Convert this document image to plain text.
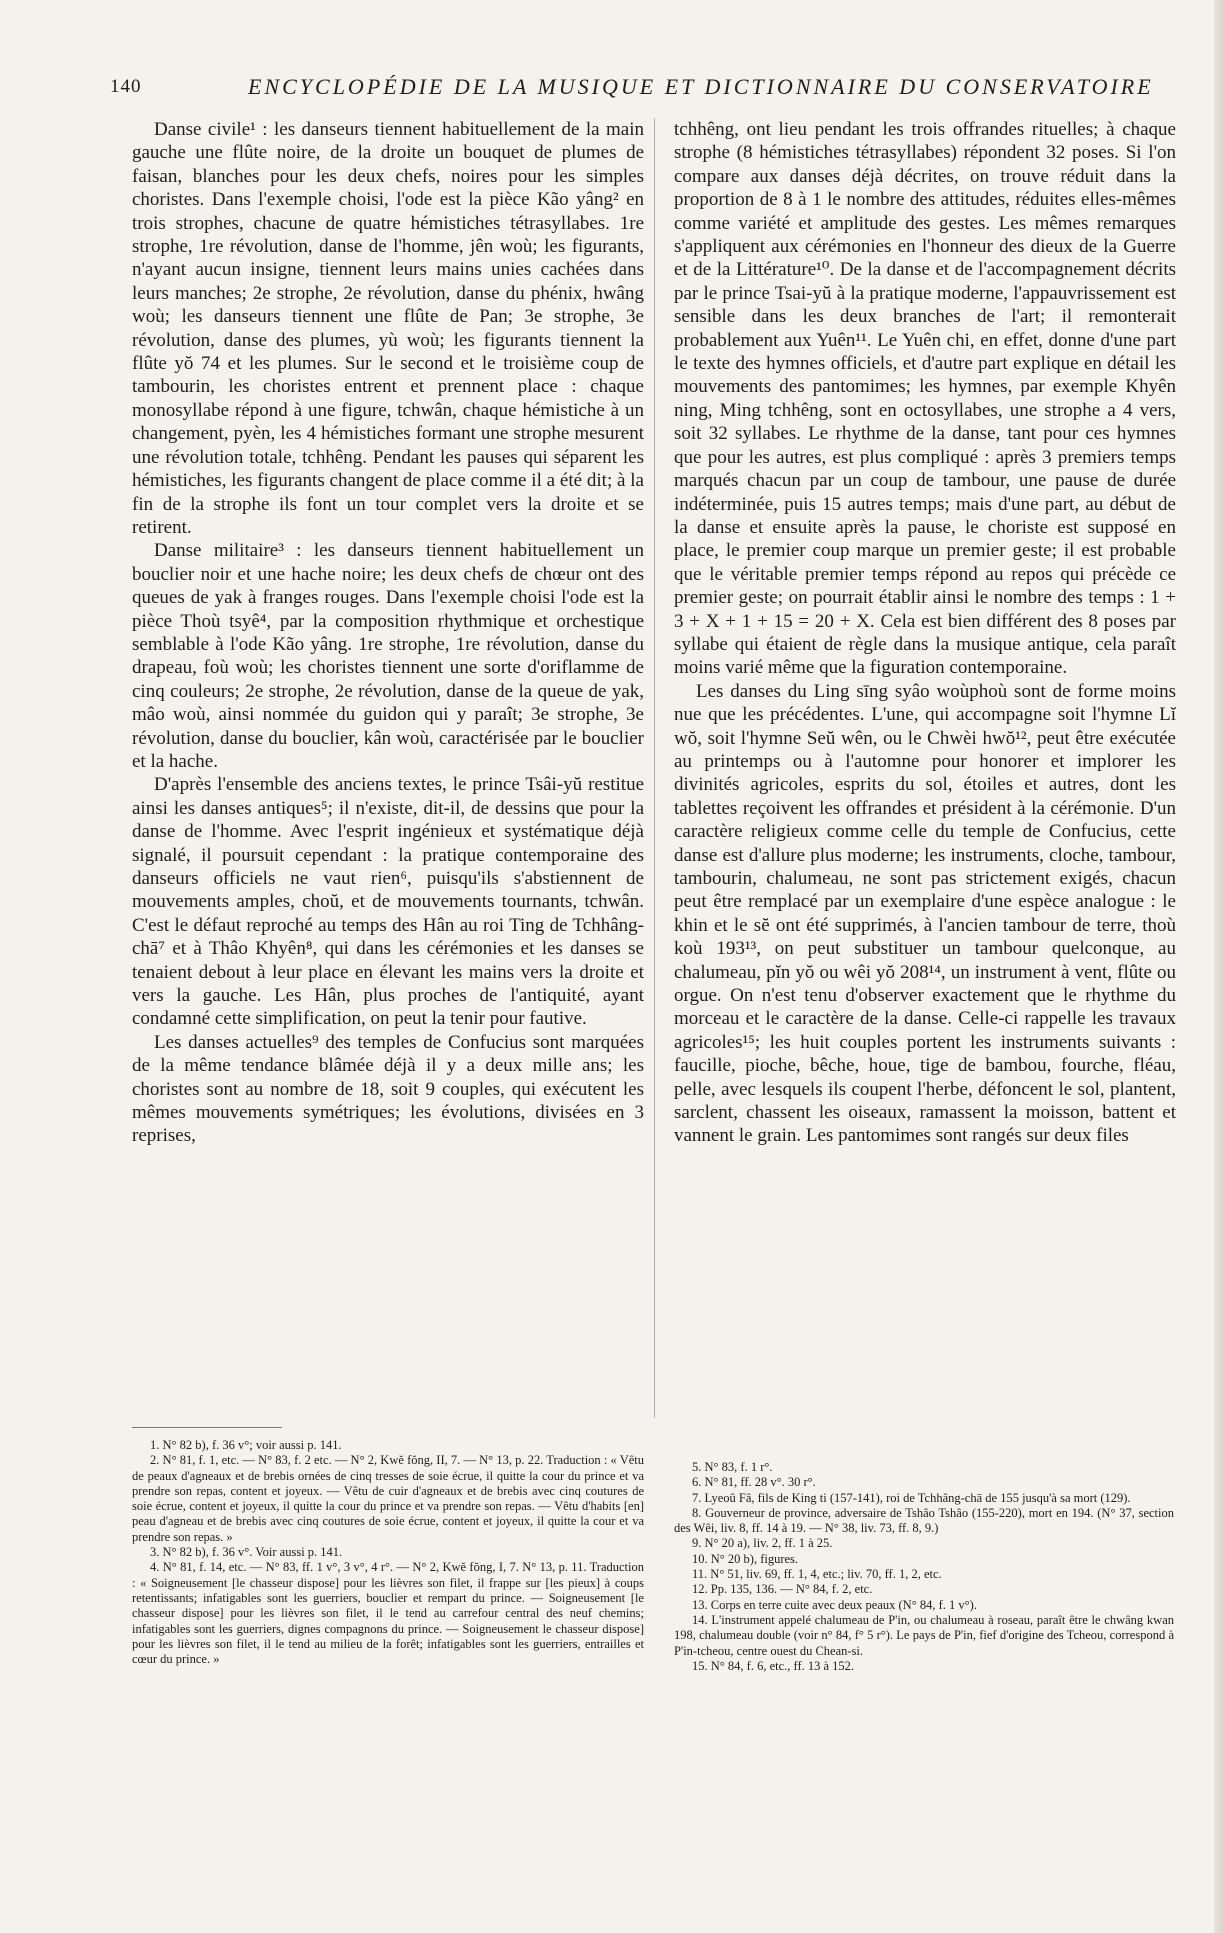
140	ENCYCLOPÉDIE DE LA MUSIQUE ET DICTIONNAIRE DU CONSERVATOIRE

Danse civile¹ : les danseurs tiennent habituellement de la main gauche une flûte noire, de la droite un bouquet de plumes de faisan, blanches pour les deux chefs, noires pour les simples choristes. Dans l'exemple choisi, l'ode est la pièce Kão yâng² en trois strophes, chacune de quatre hémistiches tétrasyllabes. 1re strophe, 1re révolution, danse de l'homme, jên woù; les figurants, n'ayant aucun insigne, tiennent leurs mains unies cachées dans leurs manches; 2e strophe, 2e révolution, danse du phénix, hwâng woù; les danseurs tiennent une flûte de Pan; 3e strophe, 3e révolution, danse des plumes, yù woù; les figurants tiennent la flûte yŏ 74 et les plumes. Sur le second et le troisième coup de tambourin, les choristes entrent et prennent place : chaque monosyllabe répond à une figure, tchwân, chaque hémistiche à un changement, pyèn, les 4 hémistiches formant une strophe mesurent une révolution totale, tchhêng. Pendant les pauses qui séparent les hémistiches, les figurants changent de place comme il a été dit; à la fin de la strophe ils font un tour complet vers la droite et se retirent.

Danse militaire³ : les danseurs tiennent habituellement un bouclier noir et une hache noire; les deux chefs de chœur ont des queues de yak à franges rouges. Dans l'exemple choisi l'ode est la pièce Thoù tsyê⁴, par la composition rhythmique et orchestique semblable à l'ode Kão yâng. 1re strophe, 1re révolution, danse du drapeau, foù woù; les choristes tiennent une sorte d'oriflamme de cinq couleurs; 2e strophe, 2e révolution, danse de la queue de yak, mâo woù, ainsi nommée du guidon qui y paraît; 3e strophe, 3e révolution, danse du bouclier, kân woù, caractérisée par le bouclier et la hache.

D'après l'ensemble des anciens textes, le prince Tsâi-yŭ restitue ainsi les danses antiques⁵; il n'existe, dit-il, de dessins que pour la danse de l'homme. Avec l'esprit ingénieux et systématique déjà signalé, il poursuit cependant : la pratique contemporaine des danseurs officiels ne vaut rien⁶, puisqu'ils s'abstiennent de mouvements amples, choŭ, et de mouvements tournants, tchwân. C'est le défaut reproché au temps des Hân au roi Ting de Tchhâng-chā⁷ et à Thâo Khyên⁸, qui dans les cérémonies et les danses se tenaient debout à leur place en élevant les mains vers la droite et vers la gauche. Les Hân, plus proches de l'antiquité, ayant condamné cette simplification, on peut la tenir pour fautive.

Les danses actuelles⁹ des temples de Confucius sont marquées de la même tendance blâmée déjà il y a deux mille ans; les choristes sont au nombre de 18, soit 9 couples, qui exécutent les mêmes mouvements symétriques; les évolutions, divisées en 3 reprises,

tchhêng, ont lieu pendant les trois offrandes rituelles; à chaque strophe (8 hémistiches tétrasyllabes) répondent 32 poses. Si l'on compare aux danses déjà décrites, on trouve réduit dans la proportion de 8 à 1 le nombre des attitudes, réduites elles-mêmes comme variété et amplitude des gestes. Les mêmes remarques s'appliquent aux cérémonies en l'honneur des dieux de la Guerre et de la Littérature¹⁰. De la danse et de l'accompagnement décrits par le prince Tsai-yŭ à la pratique moderne, l'appauvrissement est sensible dans les deux branches de l'art; il remonterait probablement aux Yuên¹¹. Le Yuên chi, en effet, donne d'une part le texte des hymnes officiels, et d'autre part explique en détail les mouvements des pantomimes; les hymnes, par exemple Khyên ning, Ming tchhêng, sont en octosyllabes, une strophe a 4 vers, soit 32 syllabes. Le rhythme de la danse, tant pour ces hymnes que pour les autres, est plus compliqué : après 3 premiers temps marqués chacun par un coup de tambour, une pause de durée indéterminée, puis 15 autres temps; mais d'une part, au début de la danse et ensuite après la pause, le choriste est supposé en place, le premier coup marque un premier geste; il est probable que le véritable premier temps répond au repos qui précède ce premier geste; on pourrait établir ainsi le nombre des temps : 1 + 3 + X + 1 + 15 = 20 + X. Cela est bien différent des 8 poses par syllabe qui étaient de règle dans la musique antique, cela paraît moins varié même que la figuration contemporaine.

Les danses du Ling sīng syâo woùphoù sont de forme moins nue que les précédentes. L'une, qui accompagne soit l'hymne Lĭ wŏ, soit l'hymne Seŭ wên, ou le Chwèi hwŏ¹², peut être exécutée au printemps ou à l'automne pour honorer et implorer les divinités agricoles, esprits du sol, étoiles et autres, dont les tablettes reçoivent les offrandes et président à la cérémonie. D'un caractère religieux comme celle du temple de Confucius, cette danse est d'allure plus moderne; les instruments, cloche, tambour, tambourin, chalumeau, ne sont pas strictement exigés, chacun peut être remplacé par un exemplaire d'une espèce analogue : le khin et le sĕ ont été supprimés, à l'ancien tambour de terre, thoù koù 193¹³, on peut substituer un tambour quelconque, au chalumeau, pĭn yŏ ou wêi yŏ 208¹⁴, un instrument à vent, flûte ou orgue. On n'est tenu d'observer exactement que le rhythme du morceau et le caractère de la danse. Celle-ci rappelle les travaux agricoles¹⁵; les huit couples portent les instruments suivants : faucille, pioche, bêche, houe, tige de bambou, fourche, fléau, pelle, avec lesquels ils coupent l'herbe, défoncent le sol, plantent, sarclent, chassent les oiseaux, ramassent la moisson, battent et vannent le grain. Les pantomimes sont rangés sur deux files

1. N° 82 b), f. 36 v°; voir aussi p. 141.

2. N° 81, f. 1, etc. — N° 83, f. 2 etc. — N° 2, Kwĕ fŏng, II, 7. — N° 13, p. 22. Traduction : « Vêtu de peaux d'agneaux et de brebis ornées de cinq tresses de soie écrue, il quitte la cour du prince et va prendre son repas, content et joyeux. — Vêtu de cuir d'agneaux et de brebis avec cinq coutures de soie écrue, content et joyeux, il quitte la cour du prince et va prendre son repas. — Vêtu d'habits [en] peau d'agneau et de brebis avec cinq coutures de soie écrue, content et joyeux, il quitte la cour et va prendre son repas. »

3. N° 82 b), f. 36 v°. Voir aussi p. 141.

4. N° 81, f. 14, etc. — N° 83, ff. 1 v°, 3 v°, 4 r°. — N° 2, Kwĕ fŏng, I, 7. N° 13, p. 11. Traduction : « Soigneusement [le chasseur dispose] pour les lièvres son filet, il frappe sur [les pieux] à coups retentissants; infatigables sont les guerriers, bouclier et rempart du prince. — Soigneusement [le chasseur dispose] pour les lièvres son filet, il le tend au carrefour central des neuf chemins; infatigables sont les guerriers, dignes compagnons du prince. — Soigneusement le chasseur dispose] pour les lièvres son filet, il le tend au milieu de la forêt; infatigables sont les guerriers, entrailles et cœur du prince. »

5. N° 83, f. 1 r°.

6. N° 81, ff. 28 v°. 30 r°.

7. Lyeoû Fâ, fils de King ti (157-141), roi de Tchhâng-chā de 155 jusqu'à sa mort (129).

8. Gouverneur de province, adversaire de Tshâo Tshâo (155-220), mort en 194. (N° 37, section des Wêi, liv. 8, ff. 14 à 19. — N° 38, liv. 73, ff. 8, 9.)

9. N° 20 a), liv. 2, ff. 1 à 25.

10. N° 20 b), figures.

11. N° 51, liv. 69, ff. 1, 4, etc.; liv. 70, ff. 1, 2, etc.

12. Pp. 135, 136. — N° 84, f. 2, etc.

13. Corps en terre cuite avec deux peaux (N° 84, f. 1 v°).

14. L'instrument appelé chalumeau de P'in, ou chalumeau à roseau, paraît être le chwâng kwan 198, chalumeau double (voir n° 84, f° 5 r°). Le pays de P'in, fief d'origine des Tcheou, correspond à P'in-tcheou, centre ouest du Chean-si.

15. N° 84, f. 6, etc., ff. 13 à 152.
